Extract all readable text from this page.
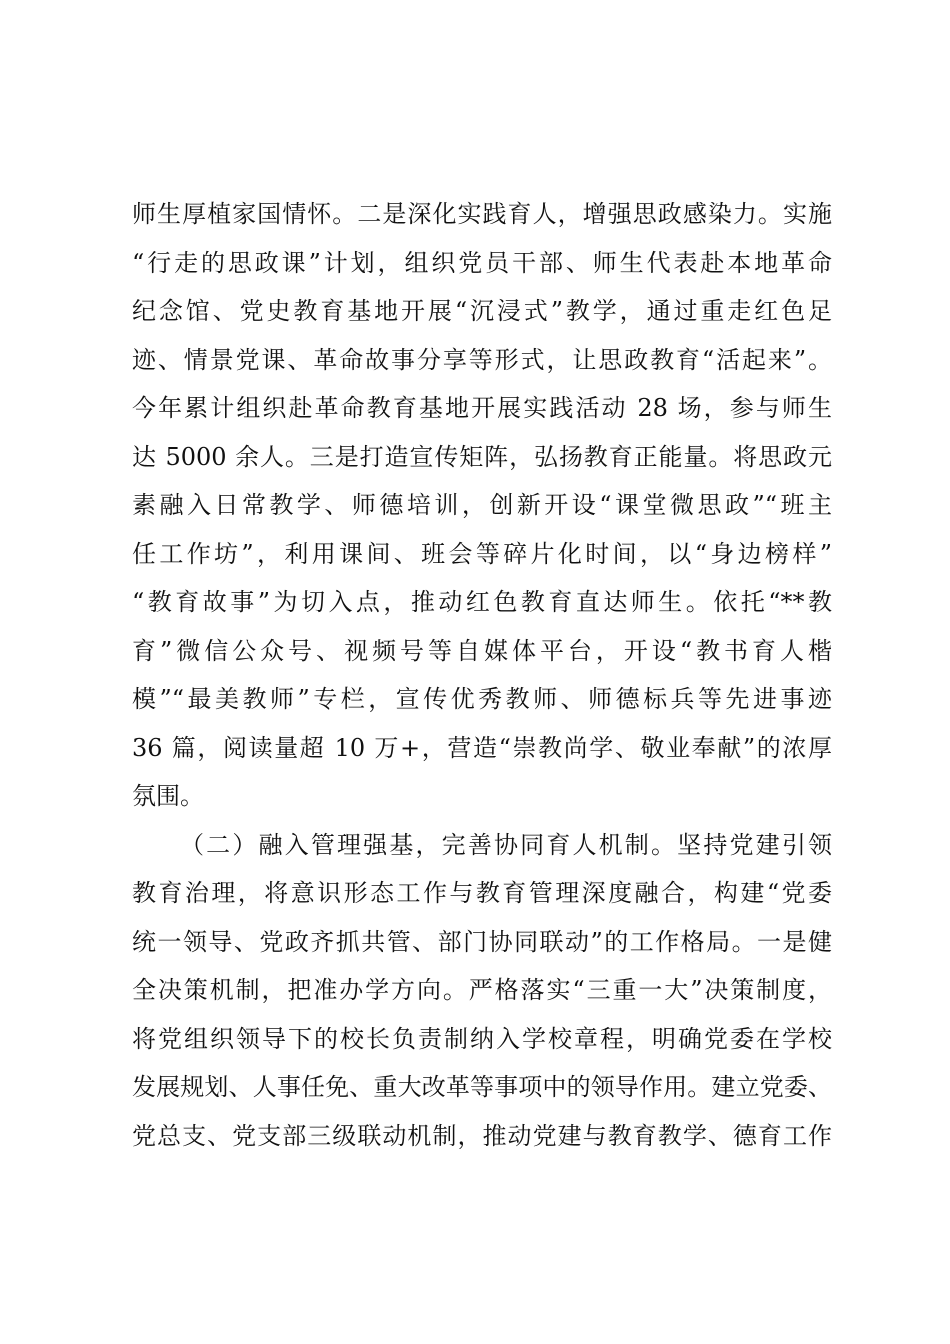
师生厚植家国情怀。二是深化实践育人，增强思政感染力。实施
“行走的思政课”计划，组织党员干部、师生代表赴本地革命
纪念馆、党史教育基地开展“沉浸式”教学，通过重走红色足
迹、情景党课、革命故事分享等形式，让思政教育“活起来”。
今年累计组织赴革命教育基地开展实践活动 28 场，参与师生
达 5000 余人。三是打造宣传矩阵，弘扬教育正能量。将思政元
素融入日常教学、师德培训，创新开设“课堂微思政”“班主
任工作坊”，利用课间、班会等碎片化时间，以“身边榜样”
“教育故事”为切入点，推动红色教育直达师生。依托“**教
育”微信公众号、视频号等自媒体平台，开设“教书育人楷
模”“最美教师”专栏，宣传优秀教师、师德标兵等先进事迹
36 篇，阅读量超 10 万+，营造“崇教尚学、敬业奉献”的浓厚
氛围。
（二）融入管理强基，完善协同育人机制。坚持党建引领
教育治理，将意识形态工作与教育管理深度融合，构建“党委
统一领导、党政齐抓共管、部门协同联动”的工作格局。一是健
全决策机制，把准办学方向。严格落实“三重一大”决策制度，
将党组织领导下的校长负责制纳入学校章程，明确党委在学校
发展规划、人事任免、重大改革等事项中的领导作用。建立党委、
党总支、党支部三级联动机制，推动党建与教育教学、德育工作
